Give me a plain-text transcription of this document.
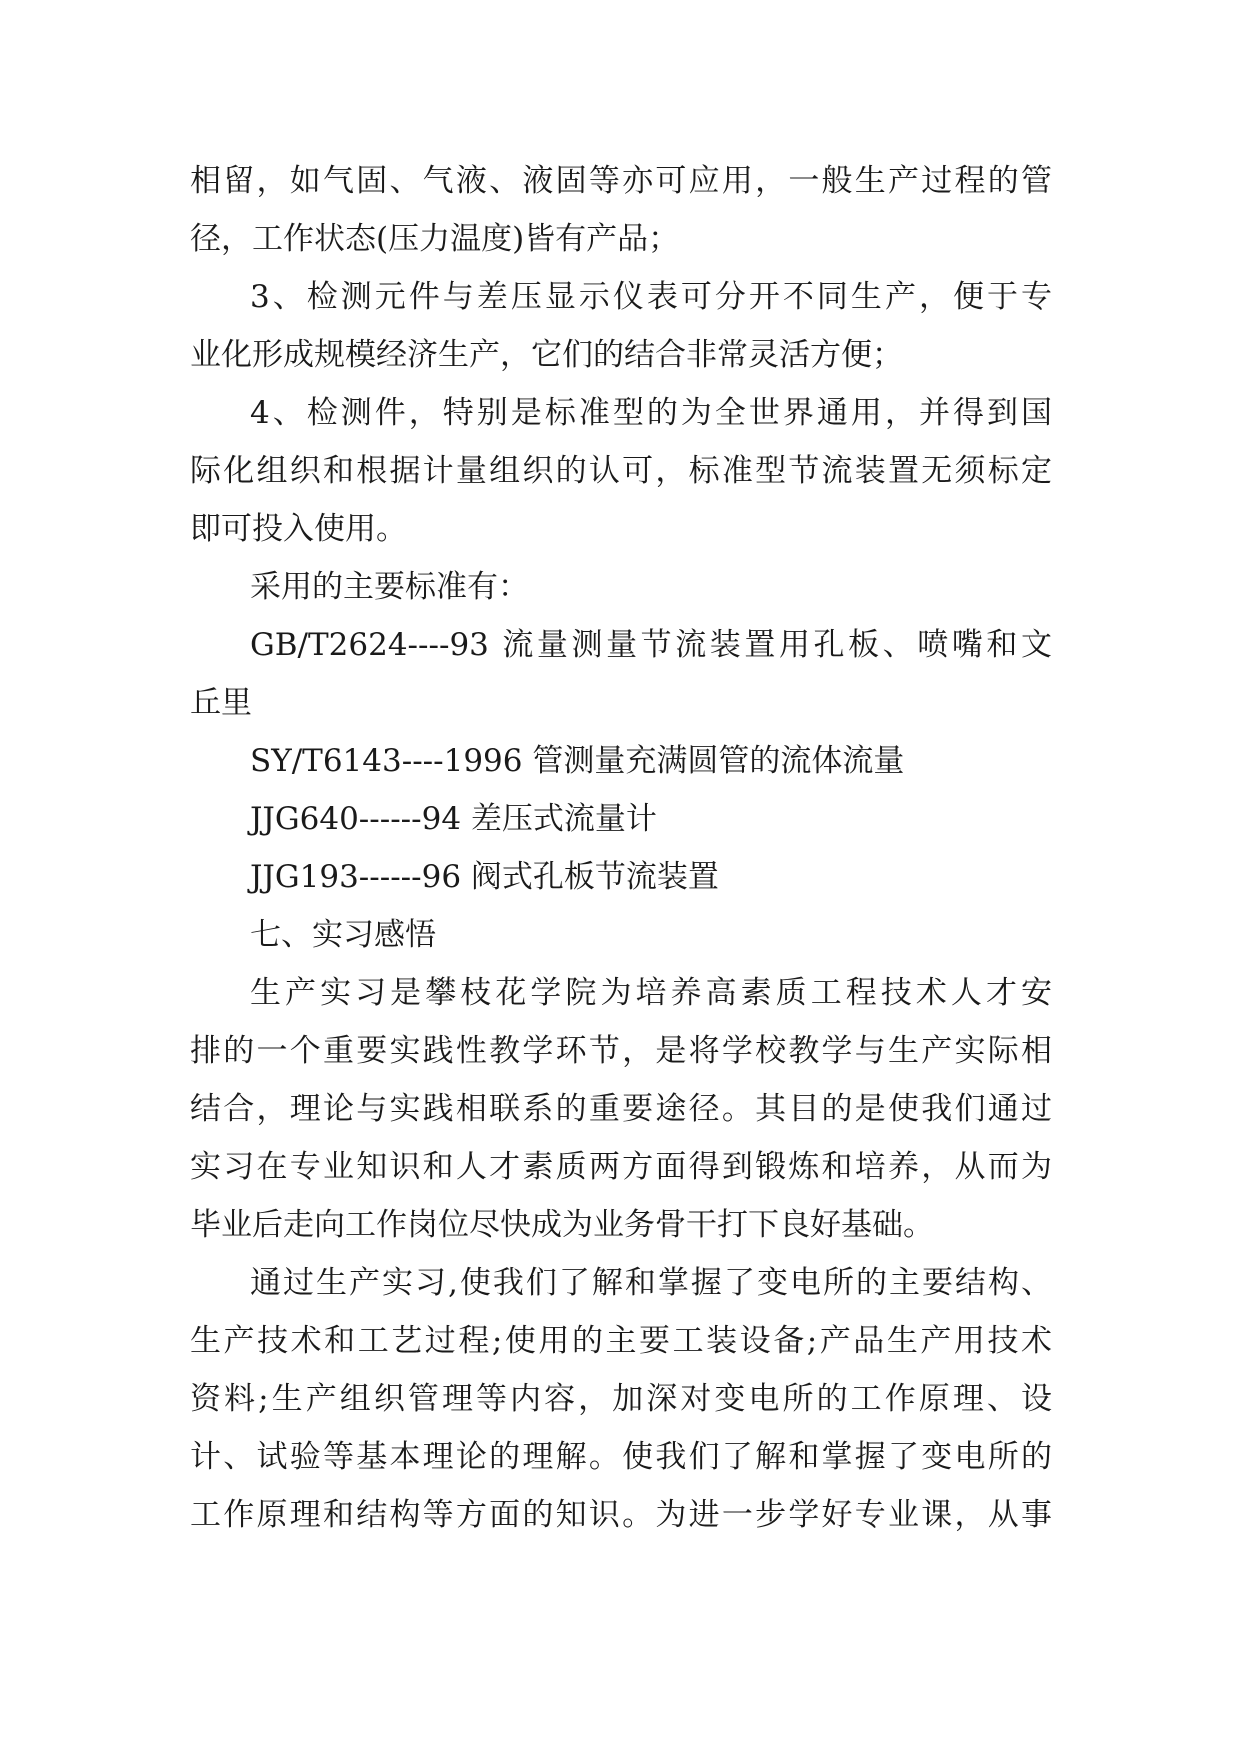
相留，如气固、气液、液固等亦可应用，一般生产过程的管
径，工作状态(压力温度)皆有产品；
3、检测元件与差压显示仪表可分开不同生产，便于专
业化形成规模经济生产，它们的结合非常灵活方便；
4、检测件，特别是标准型的为全世界通用，并得到国
际化组织和根据计量组织的认可，标准型节流装置无须标定
即可投入使用。
采用的主要标准有：
GB/T2624----93 流量测量节流装置用孔板、喷嘴和文
丘里
SY/T6143----1996 管测量充满圆管的流体流量
JJG640------94 差压式流量计
JJG193------96 阀式孔板节流装置
七、实习感悟
生产实习是攀枝花学院为培养高素质工程技术人才安
排的一个重要实践性教学环节，是将学校教学与生产实际相
结合，理论与实践相联系的重要途径。其目的是使我们通过
实习在专业知识和人才素质两方面得到锻炼和培养，从而为
毕业后走向工作岗位尽快成为业务骨干打下良好基础。
通过生产实习,使我们了解和掌握了变电所的主要结构、
生产技术和工艺过程;使用的主要工装设备;产品生产用技术
资料;生产组织管理等内容，加深对变电所的工作原理、设
计、试验等基本理论的理解。使我们了解和掌握了变电所的
工作原理和结构等方面的知识。为进一步学好专业课，从事
